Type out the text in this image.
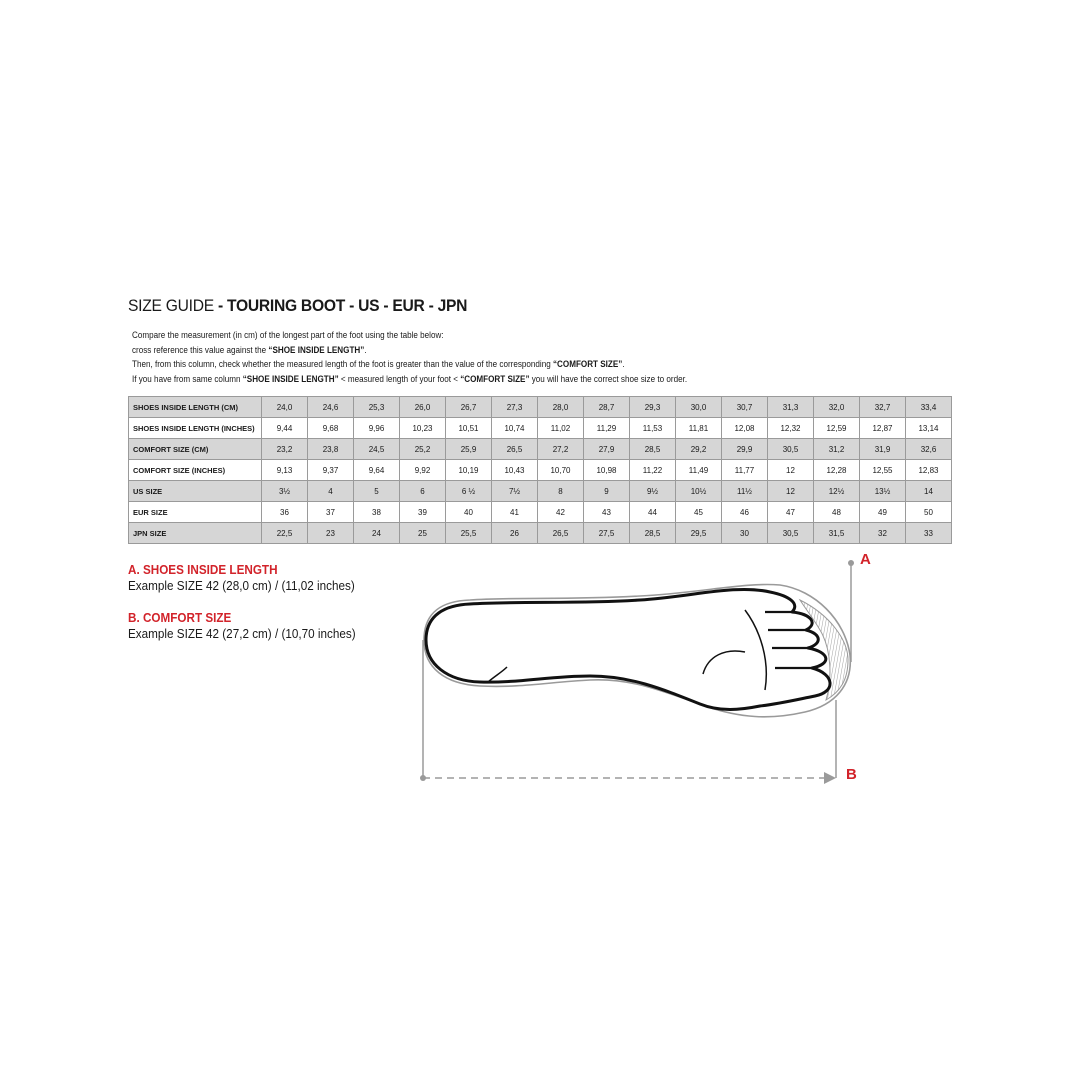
SIZE GUIDE - TOURING BOOT - US - EUR - JPN
Compare the measurement (in cm) of the longest part of the foot using the table below:
cross reference this value against the “SHOE INSIDE LENGTH”.
Then, from this column, check whether the measured length of the foot is greater than the value of the corresponding “COMFORT SIZE”.
If you have from same column “SHOE INSIDE LENGTH” < measured length of your foot < “COMFORT SIZE” you will have the correct shoe size to order.
SHOES INSIDE LENGTH (CM)	24,0	24,6	25,3	26,0	26,7	27,3	28,0	28,7	29,3	30,0	30,7	31,3	32,0	32,7	33,4
SHOES INSIDE LENGTH (INCHES)	9,44	9,68	9,96	10,23	10,51	10,74	11,02	11,29	11,53	11,81	12,08	12,32	12,59	12,87	13,14
COMFORT SIZE (CM)	23,2	23,8	24,5	25,2	25,9	26,5	27,2	27,9	28,5	29,2	29,9	30,5	31,2	31,9	32,6
COMFORT SIZE (INCHES)	9,13	9,37	9,64	9,92	10,19	10,43	10,70	10,98	11,22	11,49	11,77	12	12,28	12,55	12,83
US SIZE	3½	4	5	6	6 ½	7½	8	9	9½	10½	11½	12	12½	13½	14
EUR SIZE	36	37	38	39	40	41	42	43	44	45	46	47	48	49	50
JPN SIZE	22,5	23	24	25	25,5	26	26,5	27,5	28,5	29,5	30	30,5	31,5	32	33
A. SHOES INSIDE LENGTH
Example SIZE 42 (28,0 cm) / (11,02 inches)
B. COMFORT SIZE
Example SIZE 42 (27,2 cm) / (10,70 inches)
A
B
